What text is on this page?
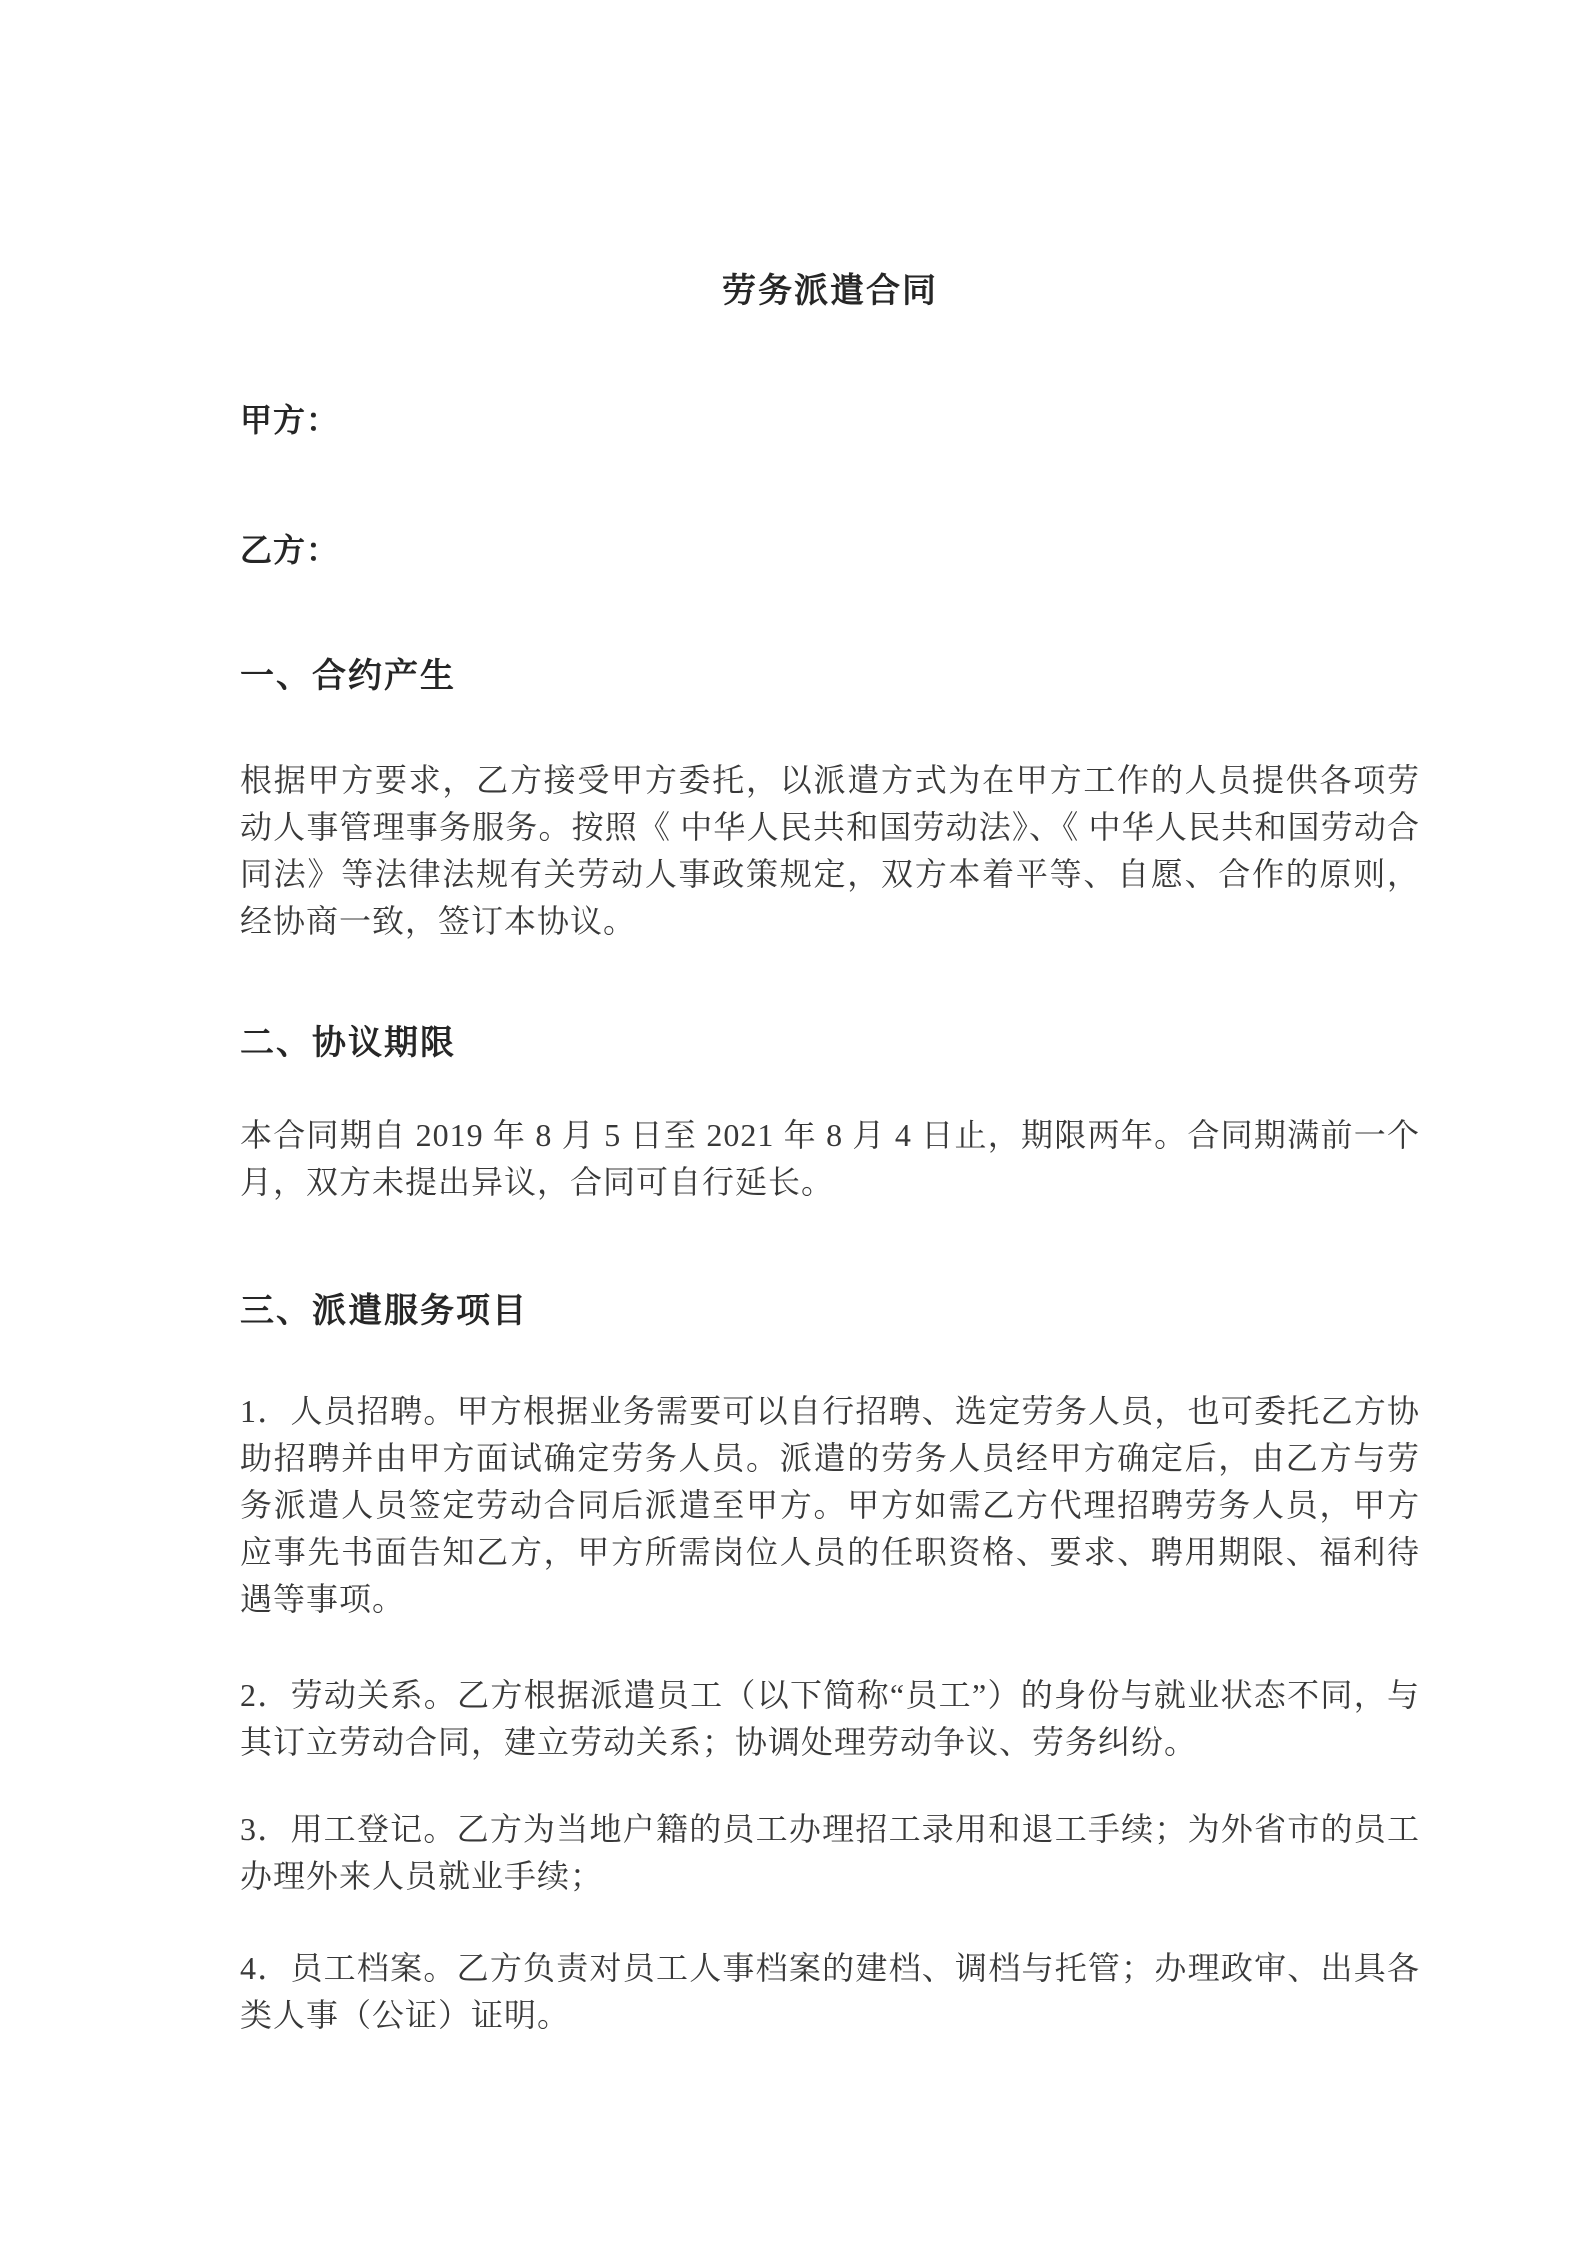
劳务派遣合同

甲方：

乙方：

一、合约产生

根据甲方要求，乙方接受甲方委托，以派遣方式为在甲方工作的人员提供各项劳动人事管理事务服务。按照《 中华人民共和国劳动法》、《 中华人民共和国劳动合同法》等法律法规有关劳动人事政策规定，双方本着平等、自愿、合作的原则，经协商一致，签订本协议。

二、协议期限

本合同期自 2019 年 8 月 5 日至 2021 年 8 月 4 日止，期限两年。合同期满前一个月，双方未提出异议，合同可自行延长。

三、派遣服务项目

1．人员招聘。甲方根据业务需要可以自行招聘、选定劳务人员，也可委托乙方协助招聘并由甲方面试确定劳务人员。派遣的劳务人员经甲方确定后，由乙方与劳务派遣人员签定劳动合同后派遣至甲方。甲方如需乙方代理招聘劳务人员，甲方应事先书面告知乙方，甲方所需岗位人员的任职资格、要求、聘用期限、福利待遇等事项。

2．劳动关系。乙方根据派遣员工（以下简称“员工”）的身份与就业状态不同，与其订立劳动合同，建立劳动关系；协调处理劳动争议、劳务纠纷。

3．用工登记。乙方为当地户籍的员工办理招工录用和退工手续；为外省市的员工办理外来人员就业手续；

4．员工档案。乙方负责对员工人事档案的建档、调档与托管；办理政审、出具各类人事（公证）证明。
